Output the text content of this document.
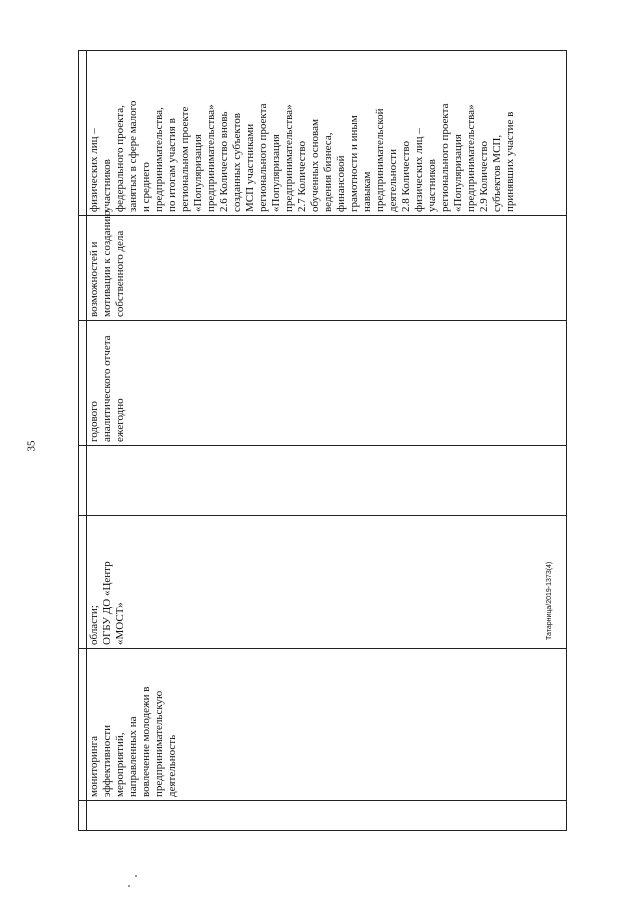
35
Татарница/2019-1373(4)
мониторинга
эффективности
мероприятий,
направленных на
вовлечение молодежи в
предпринимательскую
деятельность
области;
ОГБУ ДО «Центр
«МОСТ»
годового
аналитического отчета
ежегодно
возможностей и
мотивации к созданию
собственного дела
физических лиц –
участников
федерального проекта,
занятых в сфере малого
и среднего
предпринимательства,
по итогам участия в
региональном проекте
«Популяризация
предпринимательства»
2.6 Количество вновь
созданных субъектов
МСП участниками
регионального проекта
«Популяризация
предпринимательства»
2.7 Количество
обученных основам
ведения бизнеса,
финансовой
грамотности и иным
навыкам
предпринимательской
деятельности
2.8 Количество
физических лиц –
участников
регионального проекта
«Популяризация
предпринимательства»
2.9 Количество
субъектов МСП,
принявших участие в
